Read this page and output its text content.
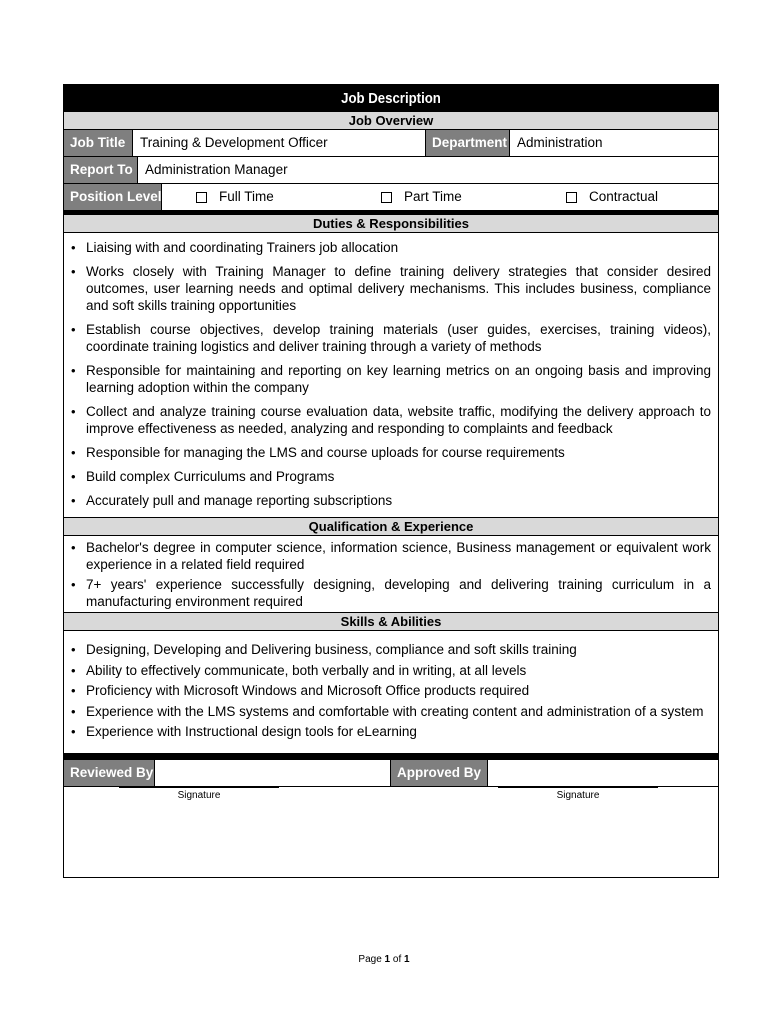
Job Description
Job Overview
Job Title	Training & Development Officer	Department Administration
Report To Administration Manager
Position Level	Full Time	Part Time	Contractual
Duties & Responsibilities
• Liaising with and coordinating Trainers job allocation
• Works closely with Training Manager to define training delivery strategies that consider desired outcomes, user learning needs and optimal delivery mechanisms. This includes business, compliance and soft skills training opportunities
• Establish course objectives, develop training materials (user guides, exercises, training videos), coordinate training logistics and deliver training through a variety of methods
• Responsible for maintaining and reporting on key learning metrics on an ongoing basis and improving learning adoption within the company
• Collect and analyze training course evaluation data, website traffic, modifying the delivery approach to improve effectiveness as needed, analyzing and responding to complaints and feedback
• Responsible for managing the LMS and course uploads for course requirements
• Build complex Curriculums and Programs
• Accurately pull and manage reporting subscriptions
Qualification & Experience
• Bachelor's degree in computer science, information science, Business management or equivalent work experience in a related field required
• 7+ years' experience successfully designing, developing and delivering training curriculum in a manufacturing environment required
Skills & Abilities
• Designing, Developing and Delivering business, compliance and soft skills training
• Ability to effectively communicate, both verbally and in writing, at all levels
• Proficiency with Microsoft Windows and Microsoft Office products required
• Experience with the LMS systems and comfortable with creating content and administration of a system
• Experience with Instructional design tools for eLearning
Reviewed By	Approved By
Signature	Signature
Page 1 of 1
